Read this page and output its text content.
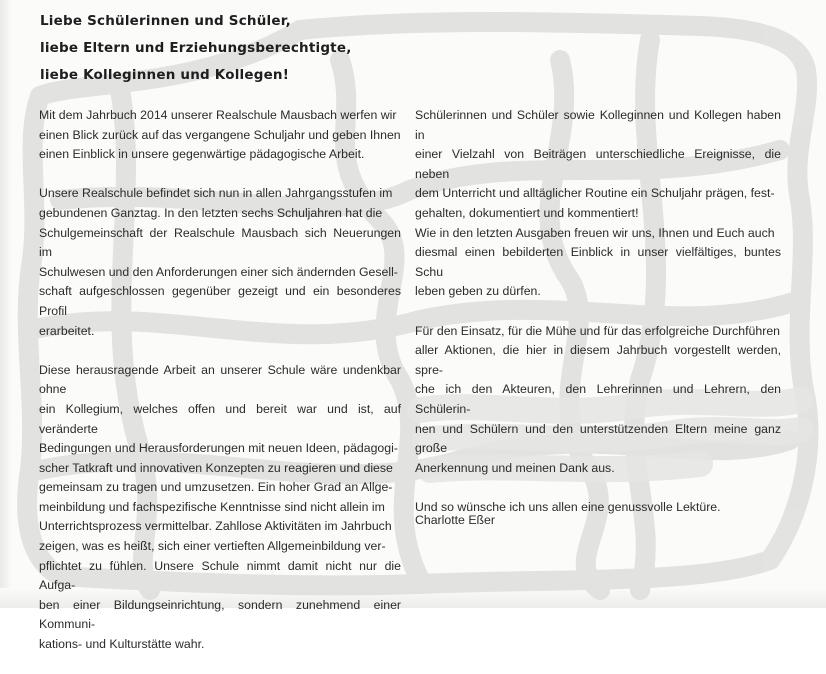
Liebe Schülerinnen und Schüler,
liebe Eltern und Erziehungsberechtigte,
liebe Kolleginnen und Kollegen!

Mit dem Jahrbuch 2014 unserer Realschule Mausbach werfen wir
einen Blick zurück auf das vergangene Schuljahr und geben Ihnen
einen Einblick in unsere gegenwärtige pädagogische Arbeit.

Unsere Realschule befindet sich nun in allen Jahrgangsstufen im
gebundenen Ganztag. In den letzten sechs Schuljahren hat die
Schulgemeinschaft der Realschule Mausbach sich Neuerungen im
Schulwesen und den Anforderungen einer sich ändernden Gesell-
schaft aufgeschlossen gegenüber gezeigt und ein besonderes Profil
erarbeitet.

Diese herausragende Arbeit an unserer Schule wäre undenkbar ohne
ein Kollegium, welches offen und bereit war und ist, auf veränderte
Bedingungen und Herausforderungen mit neuen Ideen, pädagogi-
scher Tatkraft und innovativen Konzepten zu reagieren und diese
gemeinsam zu tragen und umzusetzen. Ein hoher Grad an Allge-
meinbildung und fachspezifische Kenntnisse sind nicht allein im
Unterrichtsprozess vermittelbar. Zahllose Aktivitäten im Jahrbuch
zeigen, was es heißt, sich einer vertieften Allgemeinbildung ver-
pflichtet zu fühlen. Unsere Schule nimmt damit nicht nur die Aufga-
ben einer Bildungseinrichtung, sondern zunehmend einer Kommuni-
kations- und Kulturstätte wahr.

Schülerinnen und Schüler sowie Kolleginnen und Kollegen haben in
einer Vielzahl von Beiträgen unterschiedliche Ereignisse, die neben
dem Unterricht und alltäglicher Routine ein Schuljahr prägen, fest-
gehalten, dokumentiert und kommentiert!
Wie in den letzten Ausgaben freuen wir uns, Ihnen und Euch auch
diesmal einen bebilderten Einblick in unser vielfältiges, buntes Schu
leben geben zu dürfen.

Für den Einsatz, für die Mühe und für das erfolgreiche Durchführen
aller Aktionen, die hier in diesem Jahrbuch vorgestellt werden, spre-
che ich den Akteuren, den Lehrerinnen und Lehrern, den Schülerin-
nen und Schülern und den unterstützenden Eltern meine ganz große
Anerkennung und meinen Dank aus.

Und so wünsche ich uns allen eine genussvolle Lektüre.

Charlotte Eßer
